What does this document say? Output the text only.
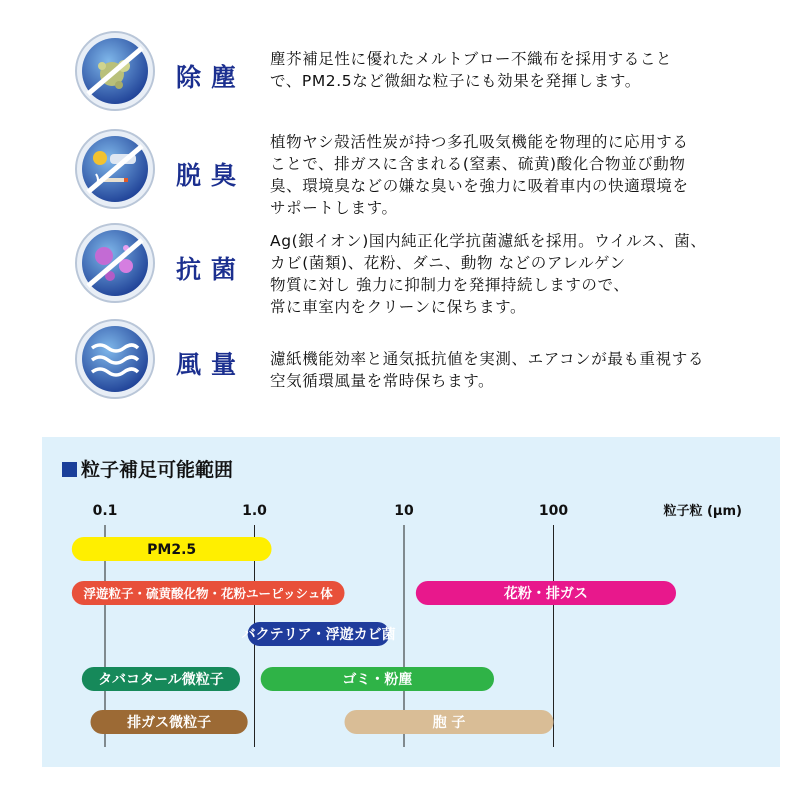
除塵
塵芥補足性に優れたメルトブロー不織布を採用すること
で、PM2.5など微細な粒子にも効果を発揮します。
脱臭
植物ヤシ殻活性炭が持つ多孔吸気機能を物理的に応用する
ことで、排ガスに含まれる(窒素、硫黄)酸化合物並び動物
臭、環境臭などの嫌な臭いを強力に吸着車内の快適環境を
サポートします。
抗菌
Ag(銀イオン)国内純正化学抗菌濾紙を採用。ウイルス、菌、
カビ(菌類)、花粉、ダニ、動物 などのアレルゲン
物質に対し 強力に抑制力を発揮持続しますので、
常に車室内をクリーンに保ちます。
風量 濾紙機能効率と通気抵抗値を実測、エアコンが最も重視する
空気循環風量を常時保ちます。
粒子補足可能範囲
0.1	1.0	10	100	粒子粒 (μm)
PM2.5
浮遊粒子・硫黄酸化物・花粉ユーピッシュ体	花粉・排ガス
バクテリア・浮遊カビ菌
タバコタール微粒子	ゴミ・粉塵
排ガス微粒子	胞 子
